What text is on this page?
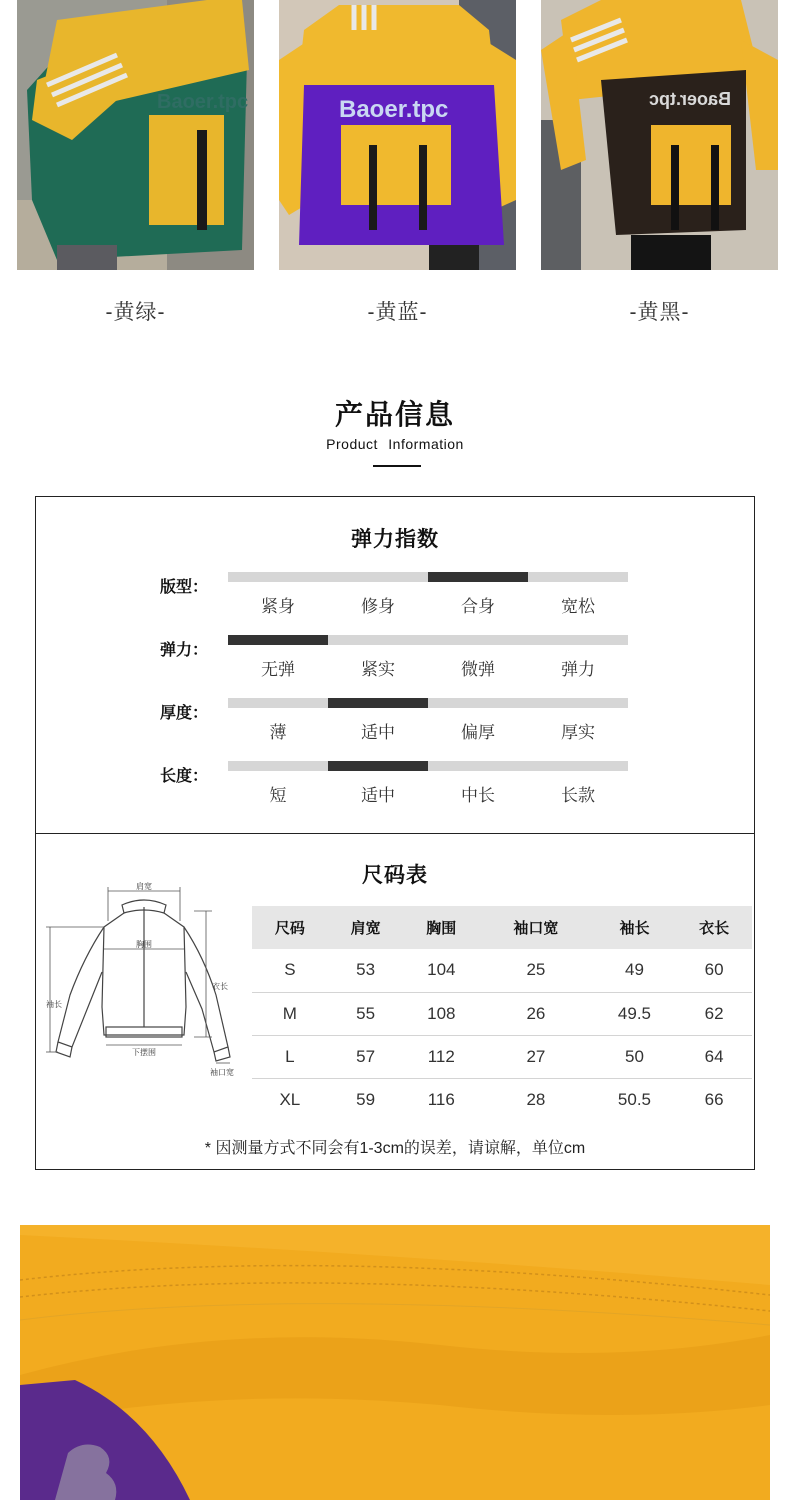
Baoer.tpc
-黄绿-
Baoer.tpc
-黄蓝-
Baoer.tpc
-黄黑-
产品信息
Product Information
弹力指数
版型：
紧身	修身	合身	宽松
弹力：
无弹	紧实	微弹	弹力
厚度：
薄	适中	偏厚	厚实
长度：
短	适中	中长	长款
尺码表
肩宽
胸围
衣长
袖长
下摆围
袖口宽
尺码	肩宽	胸围	袖口宽	袖长	衣长
S	53	104	25	49	60
M	55	108	26	49.5	62
L	57	112	27	50	64
XL	59	116	28	50.5	66
* 因测量方式不同会有1-3cm的误差，请谅解，单位cm
